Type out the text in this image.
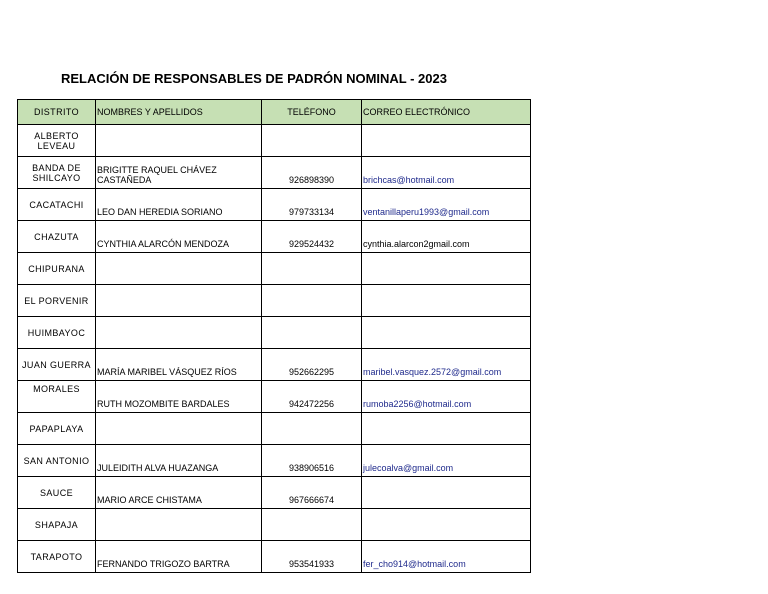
RELACIÓN DE RESPONSABLES DE PADRÓN NOMINAL - 2023
DISTRITO	NOMBRES Y APELLIDOS	TELÉFONO	CORREO ELECTRÓNICO
ALBERTO LEVEAU			
BANDA DE SHILCAYO	BRIGITTE RAQUEL CHÁVEZ CASTAÑEDA	926898390	brichcas@hotmail.com
CACATACHI	LEO DAN HEREDIA SORIANO	979733134	ventanillaperu1993@gmail.com
CHAZUTA	CYNTHIA ALARCÓN MENDOZA	929524432	cynthia.alarcon2gmail.com
CHIPURANA			
EL PORVENIR			
HUIMBAYOC			
JUAN GUERRA	MARÍA MARIBEL VÁSQUEZ RÍOS	952662295	maribel.vasquez.2572@gmail.com
MORALES	RUTH MOZOMBITE BARDALES	942472256	rumoba2256@hotmail.com
PAPAPLAYA			
SAN ANTONIO	JULEIDITH ALVA HUAZANGA	938906516	julecoalva@gmail.com
SAUCE	MARIO ARCE CHISTAMA	967666674	
SHAPAJA			
TARAPOTO	FERNANDO TRIGOZO BARTRA	953541933	fer_cho914@hotmail.com
